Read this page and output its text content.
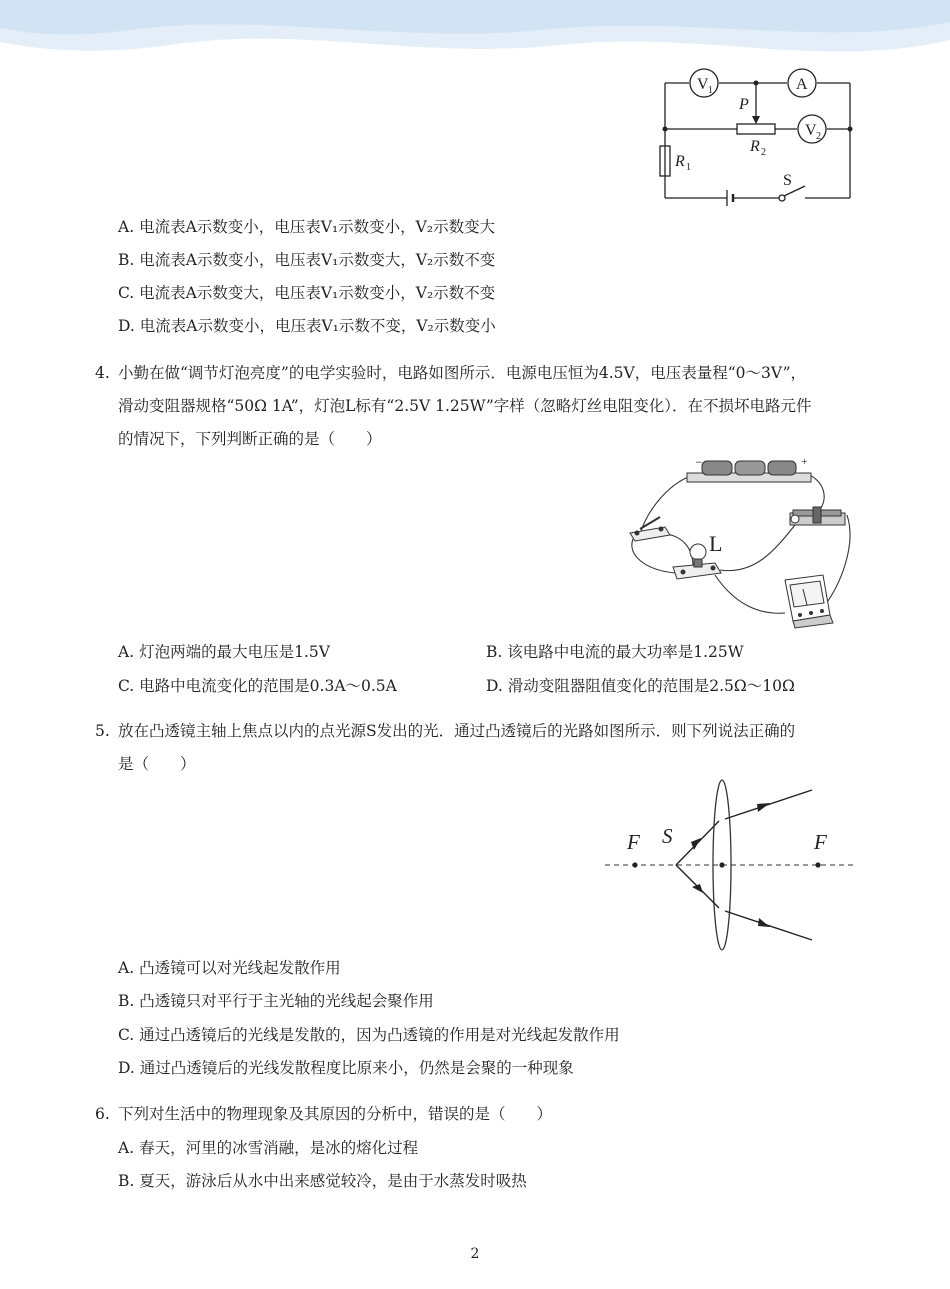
V 1	A
P
V 2
R 1
R 2
S
A. 电流表A示数变小，电压表V₁示数变小，V₂示数变大
B. 电流表A示数变小，电压表V₁示数变大，V₂示数不变
C. 电流表A示数变大，电压表V₁示数变小，V₂示数不变
D. 电流表A示数变小，电压表V₁示数不变，V₂示数变小
4. 小勤在做“调节灯泡亮度”的电学实验时，电路如图所示．电源电压恒为4.5V，电压表量程“0～3V”，
滑动变阻器规格“50Ω 1A”，灯泡L标有“2.5V 1.25W”字样（忽略灯丝电阻变化）．在不损坏电路元件
的情况下，下列判断正确的是（　　）
−	+
L
A. 灯泡两端的最大电压是1.5V	B. 该电路中电流的最大功率是1.25W
C. 电路中电流变化的范围是0.3A～0.5A	D. 滑动变阻器阻值变化的范围是2.5Ω～10Ω
5. 放在凸透镜主轴上焦点以内的点光源S发出的光．通过凸透镜后的光路如图所示．则下列说法正确的
是（　　）
F S	F
A. 凸透镜可以对光线起发散作用
B. 凸透镜只对平行于主光轴的光线起会聚作用
C. 通过凸透镜后的光线是发散的，因为凸透镜的作用是对光线起发散作用
D. 通过凸透镜后的光线发散程度比原来小，仍然是会聚的一种现象
6. 下列对生活中的物理现象及其原因的分析中，错误的是（　　）
A. 春天，河里的冰雪消融，是冰的熔化过程
B. 夏天，游泳后从水中出来感觉较冷，是由于水蒸发时吸热
2
